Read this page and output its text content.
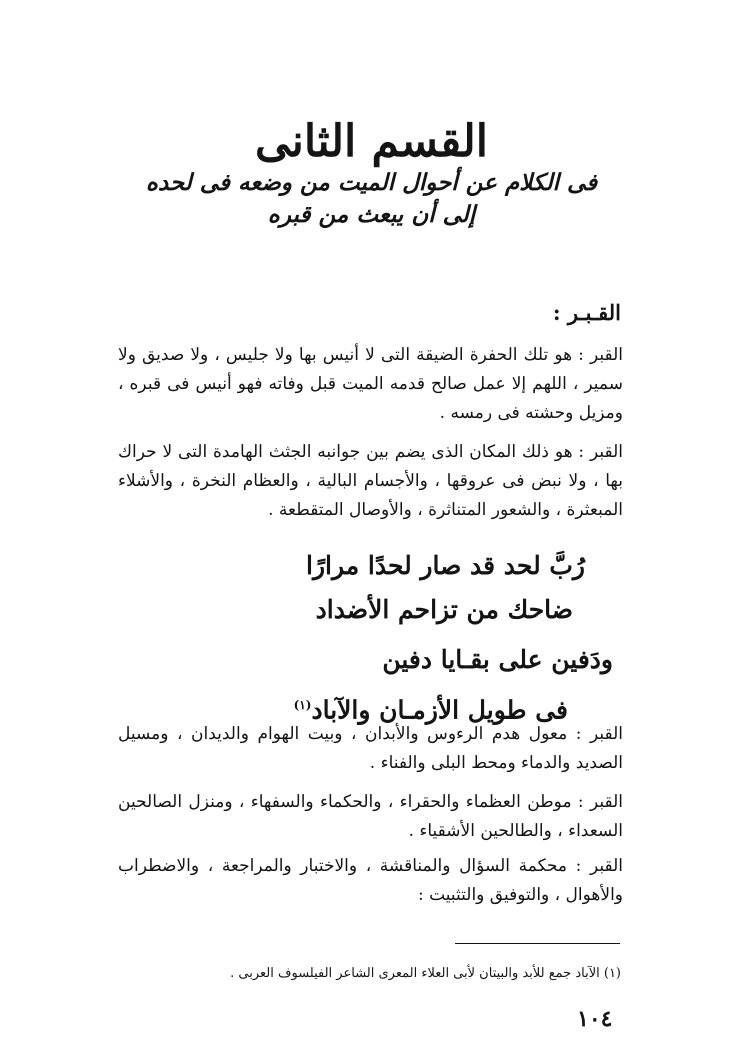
القسم الثانى
فى الكلام عن أحوال الميت من وضعه فى لحده
إلى أن يبعث من قبره
القـبـر :
القبر : هو تلك الحفرة الضيقة التى لا أنيس بها ولا جليس ، ولا صديق ولا سمير ، اللهم إلا عمل صالح قدمه الميت قبل وفاته فهو أنيس فى قبره ، ومزيل وحشته فى رمسه .
القبر : هو ذلك المكان الذى يضم بين جوانبه الجثث الهامدة التى لا حراك بها ، ولا نبض فى عروقها ، والأجسام البالية ، والعظام النخرة ، والأشلاء المبعثرة ، والشعور المتناثرة ، والأوصال المتقطعة .
رُبَّ لحد قد صار لحدًا مرارًا
ضاحك من تزاحم الأضداد
ودَفين على بقـايا دفين
فى طويل الأزمـان والآباد$^{(١)}$
القبر : معول هدم الرءوس والأبدان ، وبيت الهوام والديدان ، ومسيل الصديد والدماء ومحط البلى والفناء .
القبر : موطن العظماء والحقراء ، والحكماء والسفهاء ، ومنزل الصالحين السعداء ، والطالحين الأشقياء .
القبر : محكمة السؤال والمناقشة ، والاختبار والمراجعة ، والاضطراب والأهوال ، والتوفيق والتثبيت :
(١) الآباد جمع للأبد والبيتان لأبى العلاء المعرى الشاعر الفيلسوف العربى .
١٠٤
